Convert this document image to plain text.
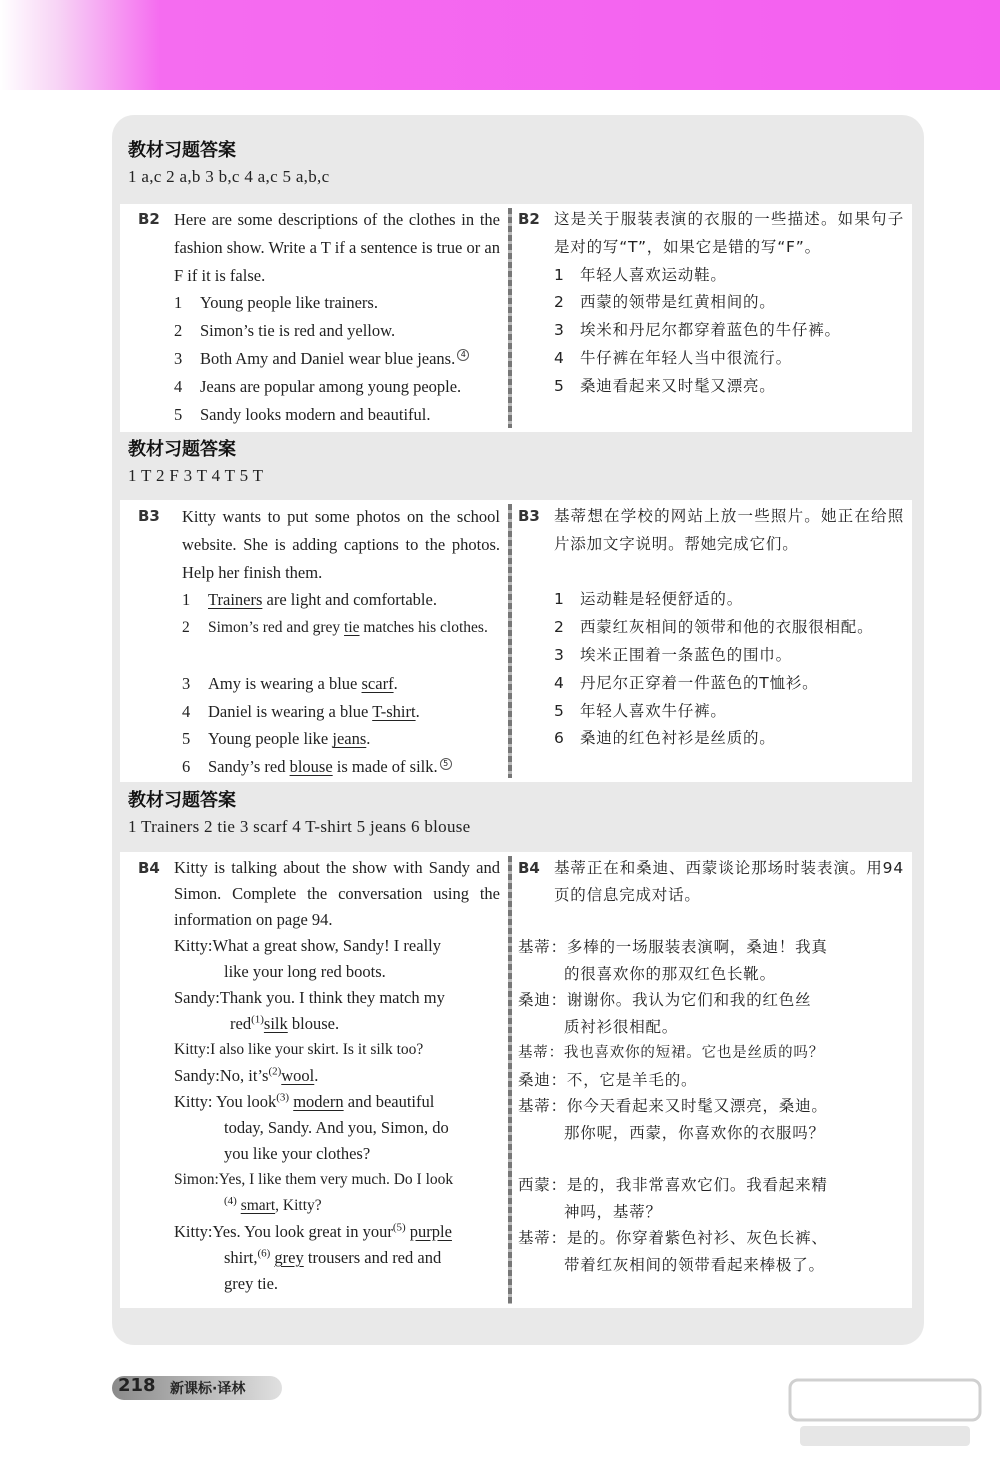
教材习题答案
1 a,c 2 a,b 3 b,c 4 a,c 5 a,b,c
B2 Here are some descriptions of the clothes in the fashion show. Write a T if a sentence is true or an F if it is false.
1 Young people like trainers.
2 Simon’s tie is red and yellow.
3 Both Amy and Daniel wear blue jeans. 4
4 Jeans are popular among young people.
5 Sandy looks modern and beautiful.
B2 这是关于服装表演的衣服的一些描述。如果句子是对的写“T”，如果它是错的写“F”。
1 年轻人喜欢运动鞋。
2 西蒙的领带是红黄相间的。
3 埃米和丹尼尔都穿着蓝色的牛仔裤。
4 牛仔裤在年轻人当中很流行。
5 桑迪看起来又时髦又漂亮。
教材习题答案
1 T 2 F 3 T 4 T 5 T
B3 Kitty wants to put some photos on the school website. She is adding captions to the photos. Help her finish them.
1 Trainers are light and comfortable.
2 Simon’s red and grey tie matches his clothes.
3 Amy is wearing a blue scarf.
4 Daniel is wearing a blue T-shirt.
5 Young people like jeans.
6 Sandy’s red blouse is made of silk. 5
B3 基蒂想在学校的网站上放一些照片。她正在给照片添加文字说明。帮她完成它们。
1 运动鞋是轻便舒适的。
2 西蒙红灰相间的领带和他的衣服很相配。
3 埃米正围着一条蓝色的围巾。
4 丹尼尔正穿着一件蓝色的T恤衫。
5 年轻人喜欢牛仔裤。
6 桑迪的红色衬衫是丝质的。
教材习题答案
1 Trainers 2 tie 3 scarf 4 T-shirt 5 jeans 6 blouse
B4 Kitty is talking about the show with Sandy and Simon. Complete the conversation using the information on page 94.
Kitty:What a great show, Sandy! I really
like your long red boots.
Sandy:Thank you. I think they match my
red$^{(1)}$silk blouse.
Kitty:I also like your skirt. Is it silk too?
Sandy:No, $it’s^{(2)}wool$.
Kitty: You look$^{(3)}$ modern and beautiful
today, Sandy. And you, Simon, do
you like your clothes?
Simon:Yes, I like them very much. Do I look
$^{(4)}$ smart, Kitty?
Kitty:Yes. You look great in your$^{(5)}$ purple
shirt,$^{(6)}$ grey trousers and red and
grey tie.
B4 基蒂正在和桑迪、西蒙谈论那场时装表演。用94页的信息完成对话。
基蒂：多棒的一场服装表演啊，桑迪！我真
的很喜欢你的那双红色长靴。
桑迪：谢谢你。我认为它们和我的红色丝
质衬衫很相配。
基蒂：我也喜欢你的短裙。它也是丝质的吗？
桑迪：不，它是羊毛的。
基蒂：你今天看起来又时髦又漂亮，桑迪。
那你呢，西蒙，你喜欢你的衣服吗？
西蒙：是的，我非常喜欢它们。我看起来精
神吗，基蒂？
基蒂：是的。你穿着紫色衬衫、灰色长裤、
带着红灰相间的领带看起来棒极了。
218 新课标·译林
